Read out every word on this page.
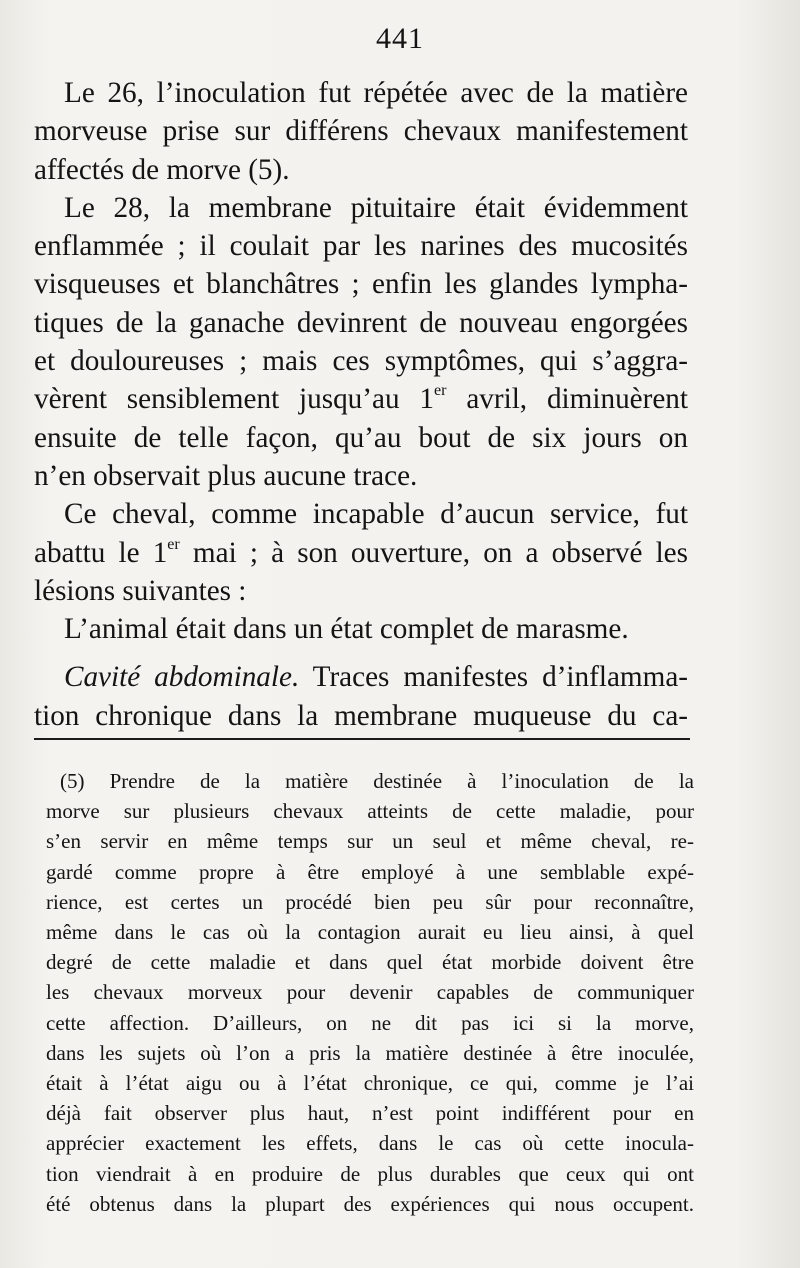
441
Le 26, l’inoculation fut répétée avec de la matière
morveuse prise sur différens chevaux manifestement
affectés de morve (5).
Le 28, la membrane pituitaire était évidemment
enflammée ; il coulait par les narines des mucosités
visqueuses et blanchâtres ; enfin les glandes lympha-
tiques de la ganache devinrent de nouveau engorgées
et douloureuses ; mais ces symptômes, qui s’aggra-
vèrent sensiblement jusqu’au 1er avril, diminuèrent
ensuite de telle façon, qu’au bout de six jours on
n’en observait plus aucune trace.
Ce cheval, comme incapable d’aucun service, fut
abattu le 1er mai ; à son ouverture, on a observé les
lésions suivantes :
L’animal était dans un état complet de marasme.
Cavité abdominale. Traces manifestes d’inflamma-
tion chronique dans la membrane muqueuse du ca-
(5) Prendre de la matière destinée à l’inoculation de la
morve sur plusieurs chevaux atteints de cette maladie, pour
s’en servir en même temps sur un seul et même cheval, re-
gardé comme propre à être employé à une semblable expé-
rience, est certes un procédé bien peu sûr pour reconnaître,
même dans le cas où la contagion aurait eu lieu ainsi, à quel
degré de cette maladie et dans quel état morbide doivent être
les chevaux morveux pour devenir capables de communiquer
cette affection. D’ailleurs, on ne dit pas ici si la morve,
dans les sujets où l’on a pris la matière destinée à être inoculée,
était à l’état aigu ou à l’état chronique, ce qui, comme je l’ai
déjà fait observer plus haut, n’est point indifférent pour en
apprécier exactement les effets, dans le cas où cette inocula-
tion viendrait à en produire de plus durables que ceux qui ont
été obtenus dans la plupart des expériences qui nous occupent.
